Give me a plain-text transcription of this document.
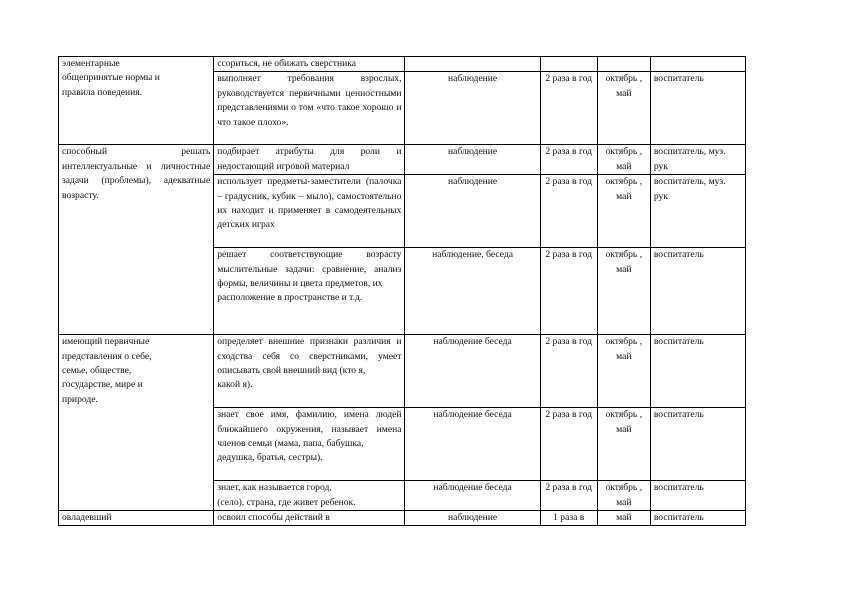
элементарные
общепринятые нормы и
правила поведения.	ссориться, не обижать сверстника				

	выполняет требования взрослых, руководствуется первичными ценностными представлениями о том «что такое хорошо и что такое плохо».	наблюдение	2 раза в год	октябрь , май	воспитатель

способный решать интеллектуальные и личностные задачи (проблемы), адекватные возрасту.	подбирает атрибуты для роли и недостающий игровой материал	наблюдение	2 раза в год	октябрь , май	воспитатель, муз. рук

	использует предметы-заместители (палочка – градусник, кубик – мыло), самостоятельно их находит и применяет в самодеятельных детских играх	наблюдение	2 раза в год	октябрь , май	воспитатель, муз. рук

	решает соответствующие возрасту мыслительные задачи: сравнение, анализ формы, величины и цвета предметов, их
расположение в пространстве и т.д.	наблюдение, беседа	2 раза в год	октябрь , май	воспитатель

имеющий первичные
представления о себе,
семье, обществе,
государстве, мире и
природе.	определяет внешние признаки различия и сходства себя со сверстниками, умеет описывать свой внешний вид (кто я,
какой я).	наблюдение беседа	2 раза в год	октябрь , май	воспитатель

	знает свое имя, фамилию, имена людей ближайшего окружения, называет имена членов семьи (мама, папа, бабушка,
дедушка, братья, сестры).	наблюдение беседа	2 раза в год	октябрь , май	воспитатель

	знает, как называется город,
(село), страна, где живет ребенок.	наблюдение беседа	2 раза в год	октябрь , май	воспитатель

овладевший	освоил способы действий в	наблюдение	1 раза в	май	воспитатель
